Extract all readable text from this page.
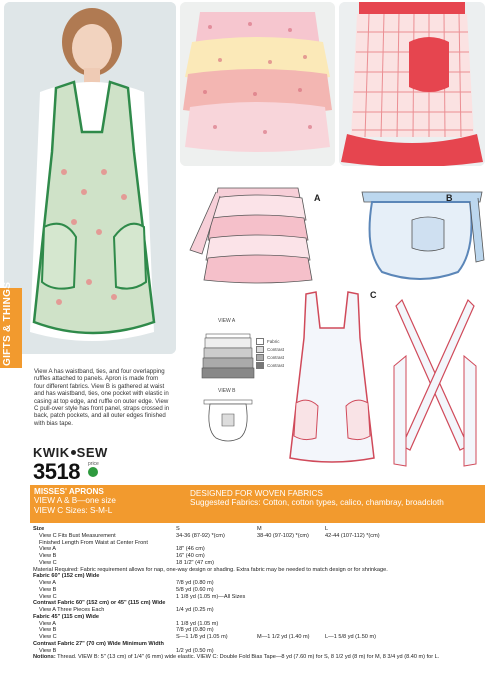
GIFTS & THINGS
A	B
C
VIEW A
VIEW B
Fabric
Contrast
Contrast
Contrast
View A has waistband, ties, and four overlapping ruffles attached to panels. Apron is made from four different fabrics. View B is gathered at waist and has waistband, ties, one pocket with elastic in casing at top edge, and ruffle on outer edge. View C pull-over style has front panel, straps crossed in back, patch pockets, and all outer edges finished with bias tape.
KWIK SEW
3518 price
MISSES' APRONS
VIEW A & B—one size
VIEW C Sizes: S-M-L
DESIGNED FOR WOVEN FABRICS
Suggested Fabrics: Cotton, cotton types, calico, chambray, broadcloth
Size	S	M	L
View C Fits Bust Measurement	34-36 (87-92) *(cm)	38-40 (97-102) *(cm)	42-44 (107-112) *(cm)
Finished Length From Waist at Center Front
View A	18" (46 cm)
View B	16" (40 cm)
View C	18 1/2" (47 cm)
Material Required: Fabric requirement allows for nap, one-way design or shading. Extra fabric may be needed to match design or for shrinkage.
Fabric 60" (152 cm) Wide
View A	7/8 yd (0.80 m)
View B	5/8 yd (0.60 m)
View C	1 1/8 yd (1.05 m)—All Sizes
Contrast Fabric 60" (152 cm) or 45" (115 cm) Wide
View A Three Pieces Each	1/4 yd (0.25 m)
Fabric 45" (115 cm) Wide
View A	1 1/8 yd (1.05 m)
View B	7/8 yd (0.80 m)
View C	S—1 1/8 yd (1.05 m)	M—1 1/2 yd (1.40 m)	L—1 5/8 yd (1.50 m)
Contrast Fabric 27" (70 cm) Wide Minimum Width
View B	1/2 yd (0.50 m)
Notions: Thread. VIEW B: 5" (13 cm) of 1/4" (6 mm) wide elastic. VIEW C: Double Fold Bias Tape—8 yd (7.60 m) for S, 8 1/2 yd (8 m) for M, 8 3/4 yd (8.40 m) for L.
